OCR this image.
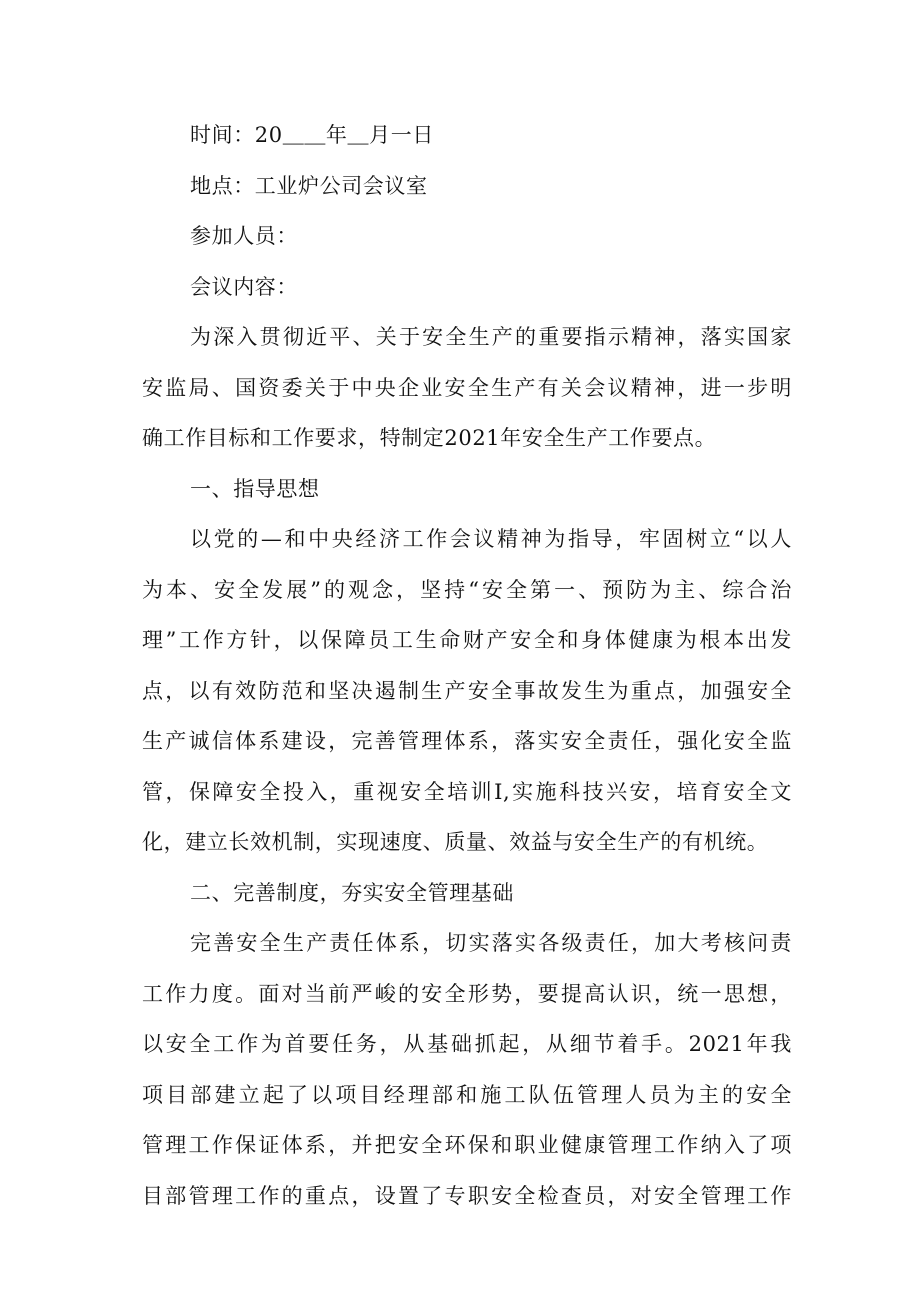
时间：20＿＿年＿月一日
地点：工业炉公司会议室
参加人员：
会议内容：
为深入贯彻近平、关于安全生产的重要指示精神，落实国家
安监局、国资委关于中央企业安全生产有关会议精神，进一步明
确工作目标和工作要求，特制定2021年安全生产工作要点。
一、指导思想
以党的—和中央经济工作会议精神为指导，牢固树立“以人
为本、安全发展”的观念，坚持“安全第一、预防为主、综合治
理”工作方针，以保障员工生命财产安全和身体健康为根本出发
点，以有效防范和坚决遏制生产安全事故发生为重点，加强安全
生产诚信体系建设，完善管理体系，落实安全责任，强化安全监
管，保障安全投入，重视安全培训I,实施科技兴安，培育安全文
化，建立长效机制，实现速度、质量、效益与安全生产的有机统。
二、完善制度，夯实安全管理基础
完善安全生产责任体系，切实落实各级责任，加大考核问责
工作力度。面对当前严峻的安全形势，要提高认识，统一思想，
以安全工作为首要任务，从基础抓起，从细节着手。2021年我
项目部建立起了以项目经理部和施工队伍管理人员为主的安全
管理工作保证体系，并把安全环保和职业健康管理工作纳入了项
目部管理工作的重点，设置了专职安全检查员，对安全管理工作
